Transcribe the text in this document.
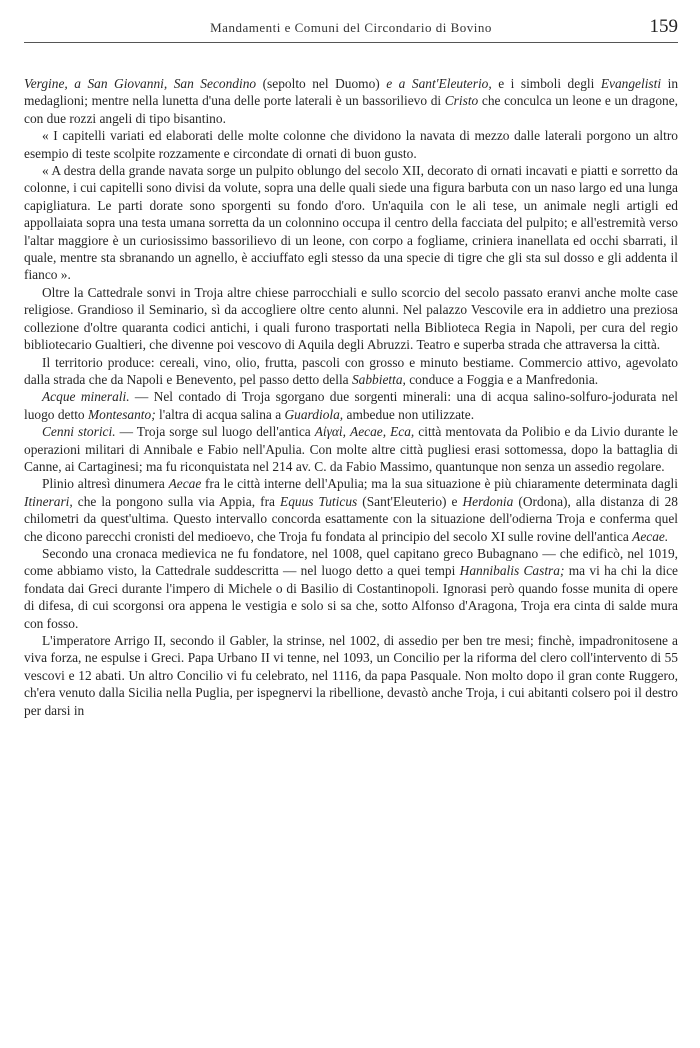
Mandamenti e Comuni del Circondario di Bovino	159

Vergine, a San Giovanni, San Secondino (sepolto nel Duomo) e a Sant'Eleuterio, e i simboli degli Evangelisti in medaglioni; mentre nella lunetta d'una delle porte laterali è un bassorilievo di Cristo che conculca un leone e un dragone, con due rozzi angeli di tipo bisantino.

« I capitelli variati ed elaborati delle molte colonne che dividono la navata di mezzo dalle laterali porgono un altro esempio di teste scolpite rozzamente e circondate di ornati di buon gusto.

« A destra della grande navata sorge un pulpito oblungo del secolo XII, decorato di ornati incavati e piatti e sorretto da colonne, i cui capitelli sono divisi da volute, sopra una delle quali siede una figura barbuta con un naso largo ed una lunga capigliatura. Le parti dorate sono sporgenti su fondo d'oro. Un'aquila con le ali tese, un animale negli artigli ed appollaiata sopra una testa umana sorretta da un colonnino occupa il centro della facciata del pulpito; e all'estremità verso l'altar maggiore è un curiosissimo bassorilievo di un leone, con corpo a fogliame, criniera inanellata ed occhi sbarrati, il quale, mentre sta sbranando un agnello, è acciuffato egli stesso da una specie di tigre che gli sta sul dosso e gli addenta il fianco ».

Oltre la Cattedrale sonvi in Troja altre chiese parrocchiali e sullo scorcio del secolo passato eranvi anche molte case religiose. Grandioso il Seminario, sì da accogliere oltre cento alunni. Nel palazzo Vescovile era in addietro una preziosa collezione d'oltre quaranta codici antichi, i quali furono trasportati nella Biblioteca Regia in Napoli, per cura del regio bibliotecario Gualtieri, che divenne poi vescovo di Aquila degli Abruzzi. Teatro e superba strada che attraversa la città.

Il territorio produce: cereali, vino, olio, frutta, pascoli con grosso e minuto bestiame. Commercio attivo, agevolato dalla strada che da Napoli e Benevento, pel passo detto della Sabbietta, conduce a Foggia e a Manfredonia.

Acque minerali. — Nel contado di Troja sgorgano due sorgenti minerali: una di acqua salino-solfuro-jodurata nel luogo detto Montesanto; l'altra di acqua salina a Guardiola, ambedue non utilizzate.

Cenni storici. — Troja sorge sul luogo dell'antica Αἰγαὶ, Aecae, Eca, città mentovata da Polibio e da Livio durante le operazioni militari di Annibale e Fabio nell'Apulia. Con molte altre città pugliesi erasi sottomessa, dopo la battaglia di Canne, ai Cartaginesi; ma fu riconquistata nel 214 av. C. da Fabio Massimo, quantunque non senza un assedio regolare.

Plinio altresì dinumera Aecae fra le città interne dell'Apulia; ma la sua situazione è più chiaramente determinata dagli Itinerari, che la pongono sulla via Appia, fra Equus Tuticus (Sant'Eleuterio) e Herdonia (Ordona), alla distanza di 28 chilometri da quest'ultima. Questo intervallo concorda esattamente con la situazione dell'odierna Troja e conferma quel che dicono parecchi cronisti del medioevo, che Troja fu fondata al principio del secolo XI sulle rovine dell'antica Aecae.

Secondo una cronaca medievica ne fu fondatore, nel 1008, quel capitano greco Bubagnano — che edificò, nel 1019, come abbiamo visto, la Cattedrale suddescritta — nel luogo detto a quei tempi Hannibalis Castra; ma vi ha chi la dice fondata dai Greci durante l'impero di Michele o di Basilio di Costantinopoli. Ignorasi però quando fosse munita di opere di difesa, di cui scorgonsi ora appena le vestigia e solo si sa che, sotto Alfonso d'Aragona, Troja era cinta di salde mura con fosso.

L'imperatore Arrigo II, secondo il Gabler, la strinse, nel 1002, di assedio per ben tre mesi; finchè, impadronitosene a viva forza, ne espulse i Greci. Papa Urbano II vi tenne, nel 1093, un Concilio per la riforma del clero coll'intervento di 55 vescovi e 12 abati. Un altro Concilio vi fu celebrato, nel 1116, da papa Pasquale. Non molto dopo il gran conte Ruggero, ch'era venuto dalla Sicilia nella Puglia, per ispegnervi la ribellione, devastò anche Troja, i cui abitanti colsero poi il destro per darsi in
